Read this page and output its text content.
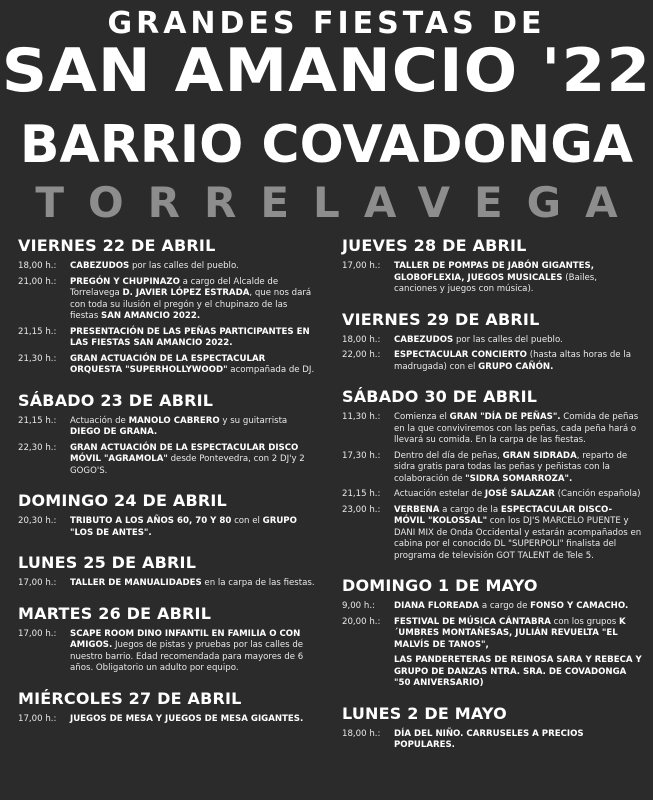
GRANDES FIESTAS DE
SAN AMANCIO '22
BARRIO COVADONGA
TORRELAVEGA
VIERNES 22 DE ABRIL
18,00 h.:	CABEZUDOS por las calles del pueblo.
21,00 h.:	PREGÓN Y CHUPINAZO a cargo del Alcalde de Torrelavega D. JAVIER LÓPEZ ESTRADA, que nos dará con toda su ilusión el pregón y el chupinazo de las fiestas SAN AMANCIO 2022.
21,15 h.:	PRESENTACIÓN DE LAS PEÑAS PARTICIPANTES EN LAS FIESTAS SAN AMANCIO 2022.
21,30 h.:	GRAN ACTUACIÓN DE LA ESPECTACULAR ORQUESTA "SUPERHOLLYWOOD" acompañada de DJ.
SÁBADO 23 DE ABRIL
21,15 h.:	Actuación de MANOLO CABRERO y su guitarrista DIEGO DE GRANA.
22,30 h.:	GRAN ACTUACIÓN DE LA ESPECTACULAR DISCO MÓVIL "AGRAMOLA" desde Pontevedra, con 2 DJ'y 2 GOGO'S.
DOMINGO 24 DE ABRIL
20,30 h.:	TRIBUTO A LOS AÑOS 60, 70 Y 80 con el GRUPO "LOS DE ANTES".
LUNES 25 DE ABRIL
17,00 h.:	TALLER DE MANUALIDADES en la carpa de las fiestas.
MARTES 26 DE ABRIL
17,00 h.:	SCAPE ROOM DINO INFANTIL EN FAMILIA O CON AMIGOS. Juegos de pistas y pruebas por las calles de nuestro barrio. Edad recomendada para mayores de 6 años. Obligatorio un adulto por equipo.
MIÉRCOLES 27 DE ABRIL
17,00 h.:	JUEGOS DE MESA Y JUEGOS DE MESA GIGANTES.
JUEVES 28 DE ABRIL
17,00 h.:	TALLER DE POMPAS DE JABÓN GIGANTES, GLOBOFLEXIA, JUEGOS MUSICALES (Bailes, canciones y juegos con música).
VIERNES 29 DE ABRIL
18,00 h.:	CABEZUDOS por las calles del pueblo.
22,00 h.:	ESPECTACULAR CONCIERTO (hasta altas horas de la madrugada) con el GRUPO CAÑÓN.
SÁBADO 30 DE ABRIL
11,30 h.:	Comienza el GRAN "DÍA DE PEÑAS". Comida de peñas en la que conviviremos con las peñas, cada peña hará o llevará su comida. En la carpa de las fiestas.
17,30 h.:	Dentro del día de peñas, GRAN SIDRADA, reparto de sidra gratis para todas las peñas y peñistas con la colaboración de "SIDRA SOMARROZA".
21,15 h.:	Actuación estelar de JOSÉ SALAZAR (Canción española)
23,00 h.:	VERBENA a cargo de la ESPECTACULAR DISCO-MÓVIL "KOLOSSAL" con los DJ'S MARCELO PUENTE y DANI MIX de Onda Occidental y estarán acompañados en cabina por el conocido DL "SUPERPOLI" finalista del programa de televisión GOT TALENT de Tele 5.
DOMINGO 1 DE MAYO
9,00 h.:	DIANA FLOREADA a cargo de FONSO Y CAMACHO.
20,00 h.:	FESTIVAL DE MÚSICA CÁNTABRA con los grupos K´UMBRES MONTAÑESAS, JULIÁN REVUELTA "EL MALVÍS DE TANOS",
LAS PANDERETERAS DE REINOSA SARA Y REBECA Y GRUPO DE DANZAS NTRA. SRA. DE COVADONGA "50 ANIVERSARIO)
LUNES 2 DE MAYO
18,00 h.:	DÍA DEL NIÑO. CARRUSELES A PRECIOS POPULARES.
